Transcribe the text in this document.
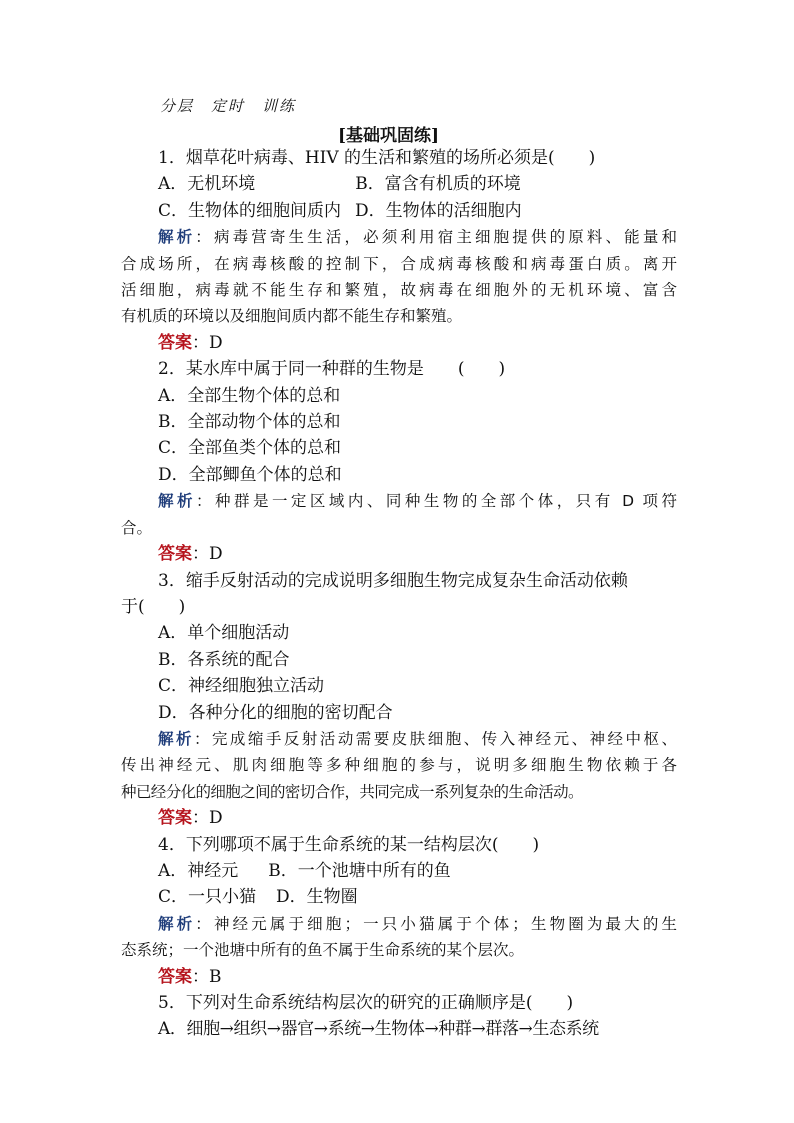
分层　定时　训练
[基础巩固练]
1．烟草花叶病毒、HIV 的生活和繁殖的场所必须是(　　)
A．无机环境	B．富含有机质的环境
C．生物体的细胞间质内 D．生物体的活细胞内
解析：病毒营寄生生活，必须利用宿主细胞提供的原料、能量和
合成场所，在病毒核酸的控制下，合成病毒核酸和病毒蛋白质。离开
活细胞，病毒就不能生存和繁殖，故病毒在细胞外的无机环境、富含
有机质的环境以及细胞间质内都不能生存和繁殖。
答案：D
2．某水库中属于同一种群的生物是　　(　　)
A．全部生物个体的总和
B．全部动物个体的总和
C．全部鱼类个体的总和
D．全部鲫鱼个体的总和
解析：种群是一定区域内、同种生物的全部个体，只有 D 项符
合。
答案：D
3．缩手反射活动的完成说明多细胞生物完成复杂生命活动依赖
于(　　)
A．单个细胞活动
B．各系统的配合
C．神经细胞独立活动
D．各种分化的细胞的密切配合
解析：完成缩手反射活动需要皮肤细胞、传入神经元、神经中枢、
传出神经元、肌肉细胞等多种细胞的参与，说明多细胞生物依赖于各
种已经分化的细胞之间的密切合作，共同完成一系列复杂的生命活动。
答案：D
4．下列哪项不属于生命系统的某一结构层次(　　)
A．神经元 B．一个池塘中所有的鱼
C．一只小猫 D．生物圈
解析：神经元属于细胞；一只小猫属于个体；生物圈为最大的生
态系统；一个池塘中所有的鱼不属于生命系统的某个层次。
答案：B
5．下列对生命系统结构层次的研究的正确顺序是(　　)
A．细胞→组织→器官→系统→生物体→种群→群落→生态系统
